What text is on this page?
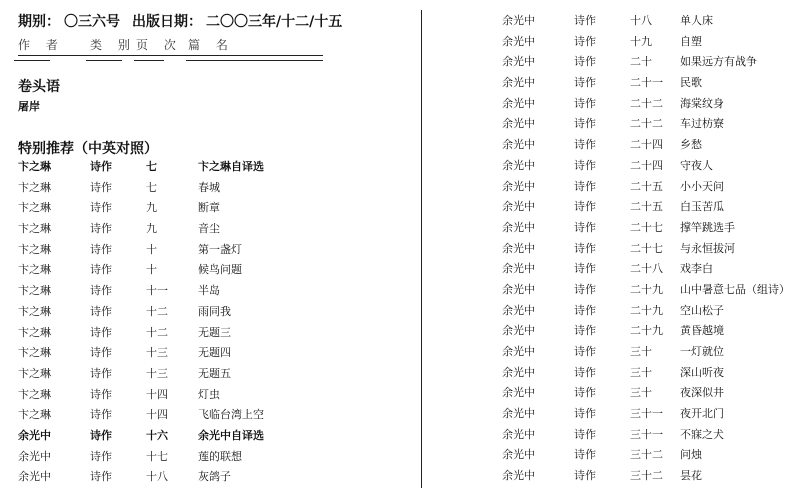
期别： 〇三六号 出版日期： 二〇〇三年/十二/十五
作 者 类 别 页 次 篇 名
卷头语
屠岸
特别推荐（中英对照）
卞之琳	诗作	七	卞之琳自译选
卞之琳	诗作	七	春城
卞之琳	诗作	九	断章
卞之琳	诗作	九	音尘
卞之琳	诗作	十	第一盏灯
卞之琳	诗作	十	候鸟问题
卞之琳	诗作	十一	半岛
卞之琳	诗作	十二	雨同我
卞之琳	诗作	十二	无题三
卞之琳	诗作	十三	无题四
卞之琳	诗作	十三	无题五
卞之琳	诗作	十四	灯虫
卞之琳	诗作	十四	飞临台湾上空
余光中	诗作	十六	余光中自译选
余光中	诗作	十七	莲的联想
余光中	诗作	十八	灰鸽子
余光中	诗作	十八	单人床
余光中	诗作	十九	自塑
余光中	诗作	二十	如果远方有战争
余光中	诗作	二十一 民歌
余光中	诗作	二十二 海棠纹身
余光中	诗作	二十二 车过枋寮
余光中	诗作	二十四 乡愁
余光中	诗作	二十四 守夜人
余光中	诗作	二十五 小小天问
余光中	诗作	二十五 白玉苦瓜
余光中	诗作	二十七 撑竿跳选手
余光中	诗作	二十七 与永恒拔河
余光中	诗作	二十八 戏李白
余光中	诗作	二十九 山中暑意七品（组诗）
余光中	诗作	二十九 空山松子
余光中	诗作	二十九 黄昏越境
余光中	诗作	三十	一灯就位
余光中	诗作	三十	深山听夜
余光中	诗作	三十	夜深似井
余光中	诗作	三十一 夜开北门
余光中	诗作	三十一 不寐之犬
余光中	诗作	三十二 问烛
余光中	诗作	三十二 昙花
